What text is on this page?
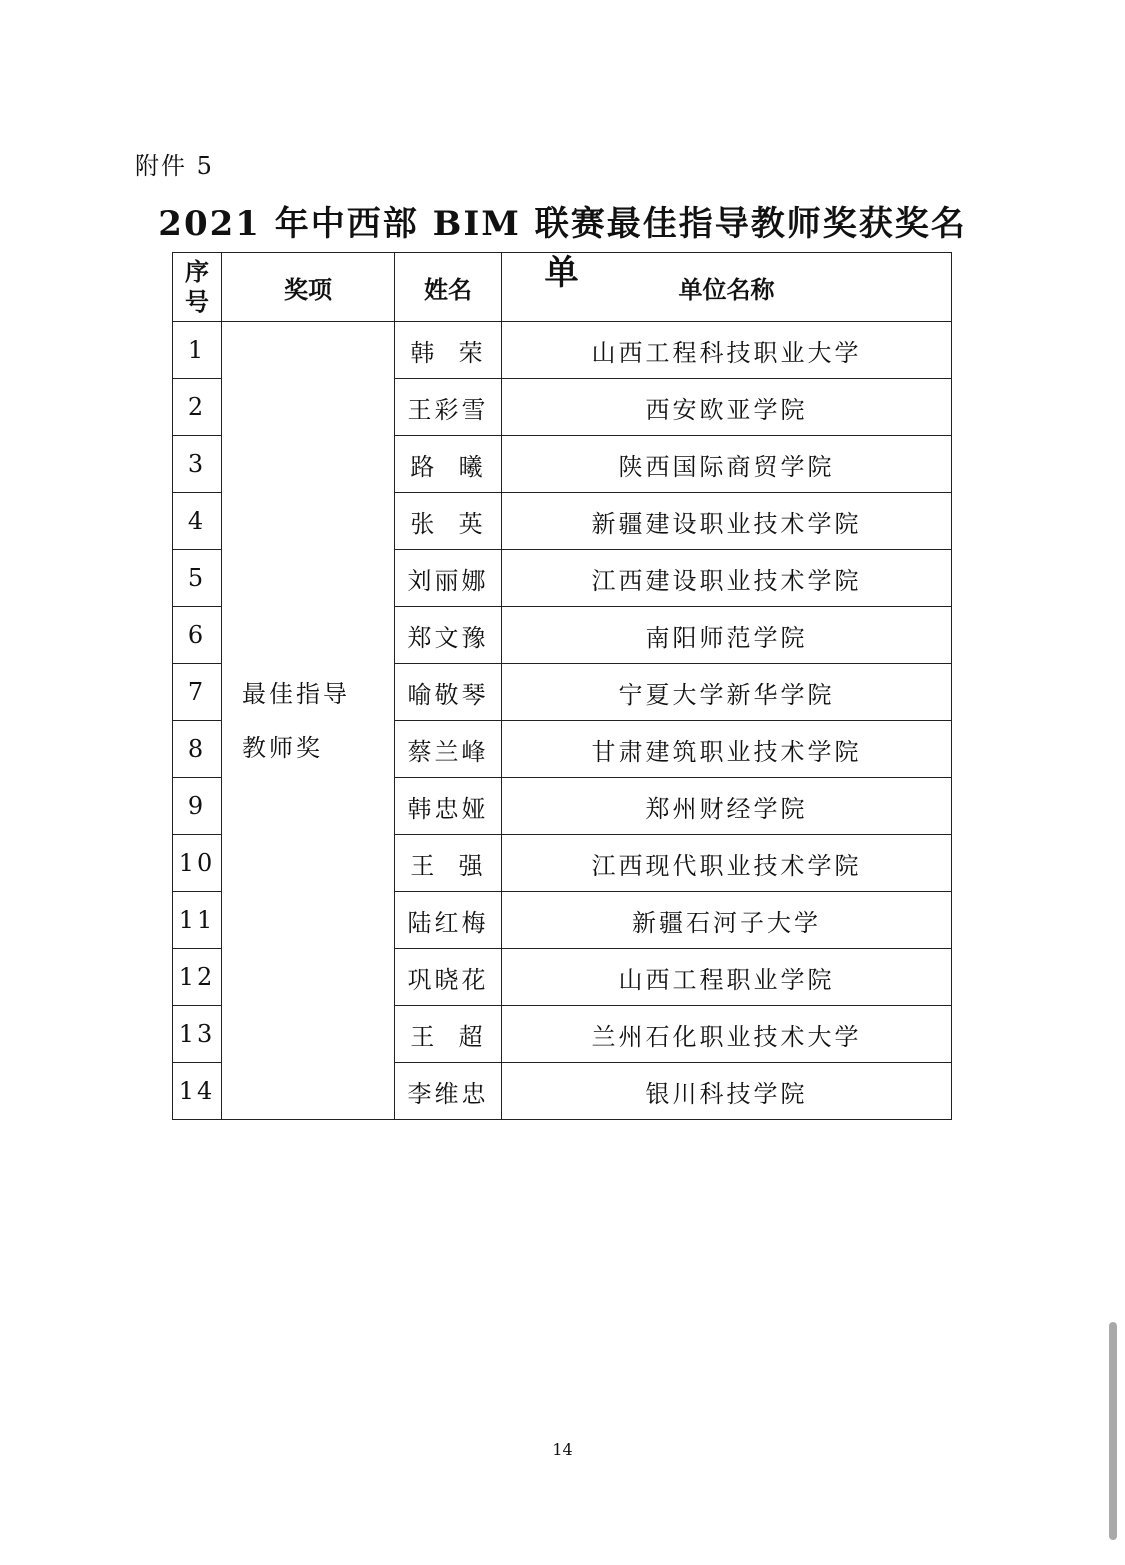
附件 5
2021 年中西部 BIM 联赛最佳指导教师奖获奖名单
序号	奖项	姓名	单位名称
1	最佳指导教师奖	韩  荣	山西工程科技职业大学
2		王彩雪	西安欧亚学院
3		路  曦	陕西国际商贸学院
4		张  英	新疆建设职业技术学院
5		刘丽娜	江西建设职业技术学院
6		郑文豫	南阳师范学院
7		喻敬琴	宁夏大学新华学院
8		蔡兰峰	甘肃建筑职业技术学院
9		韩忠娅	郑州财经学院
10		王  强	江西现代职业技术学院
11		陆红梅	新疆石河子大学
12		巩晓花	山西工程职业学院
13		王  超	兰州石化职业技术大学
14		李维忠	银川科技学院
14
